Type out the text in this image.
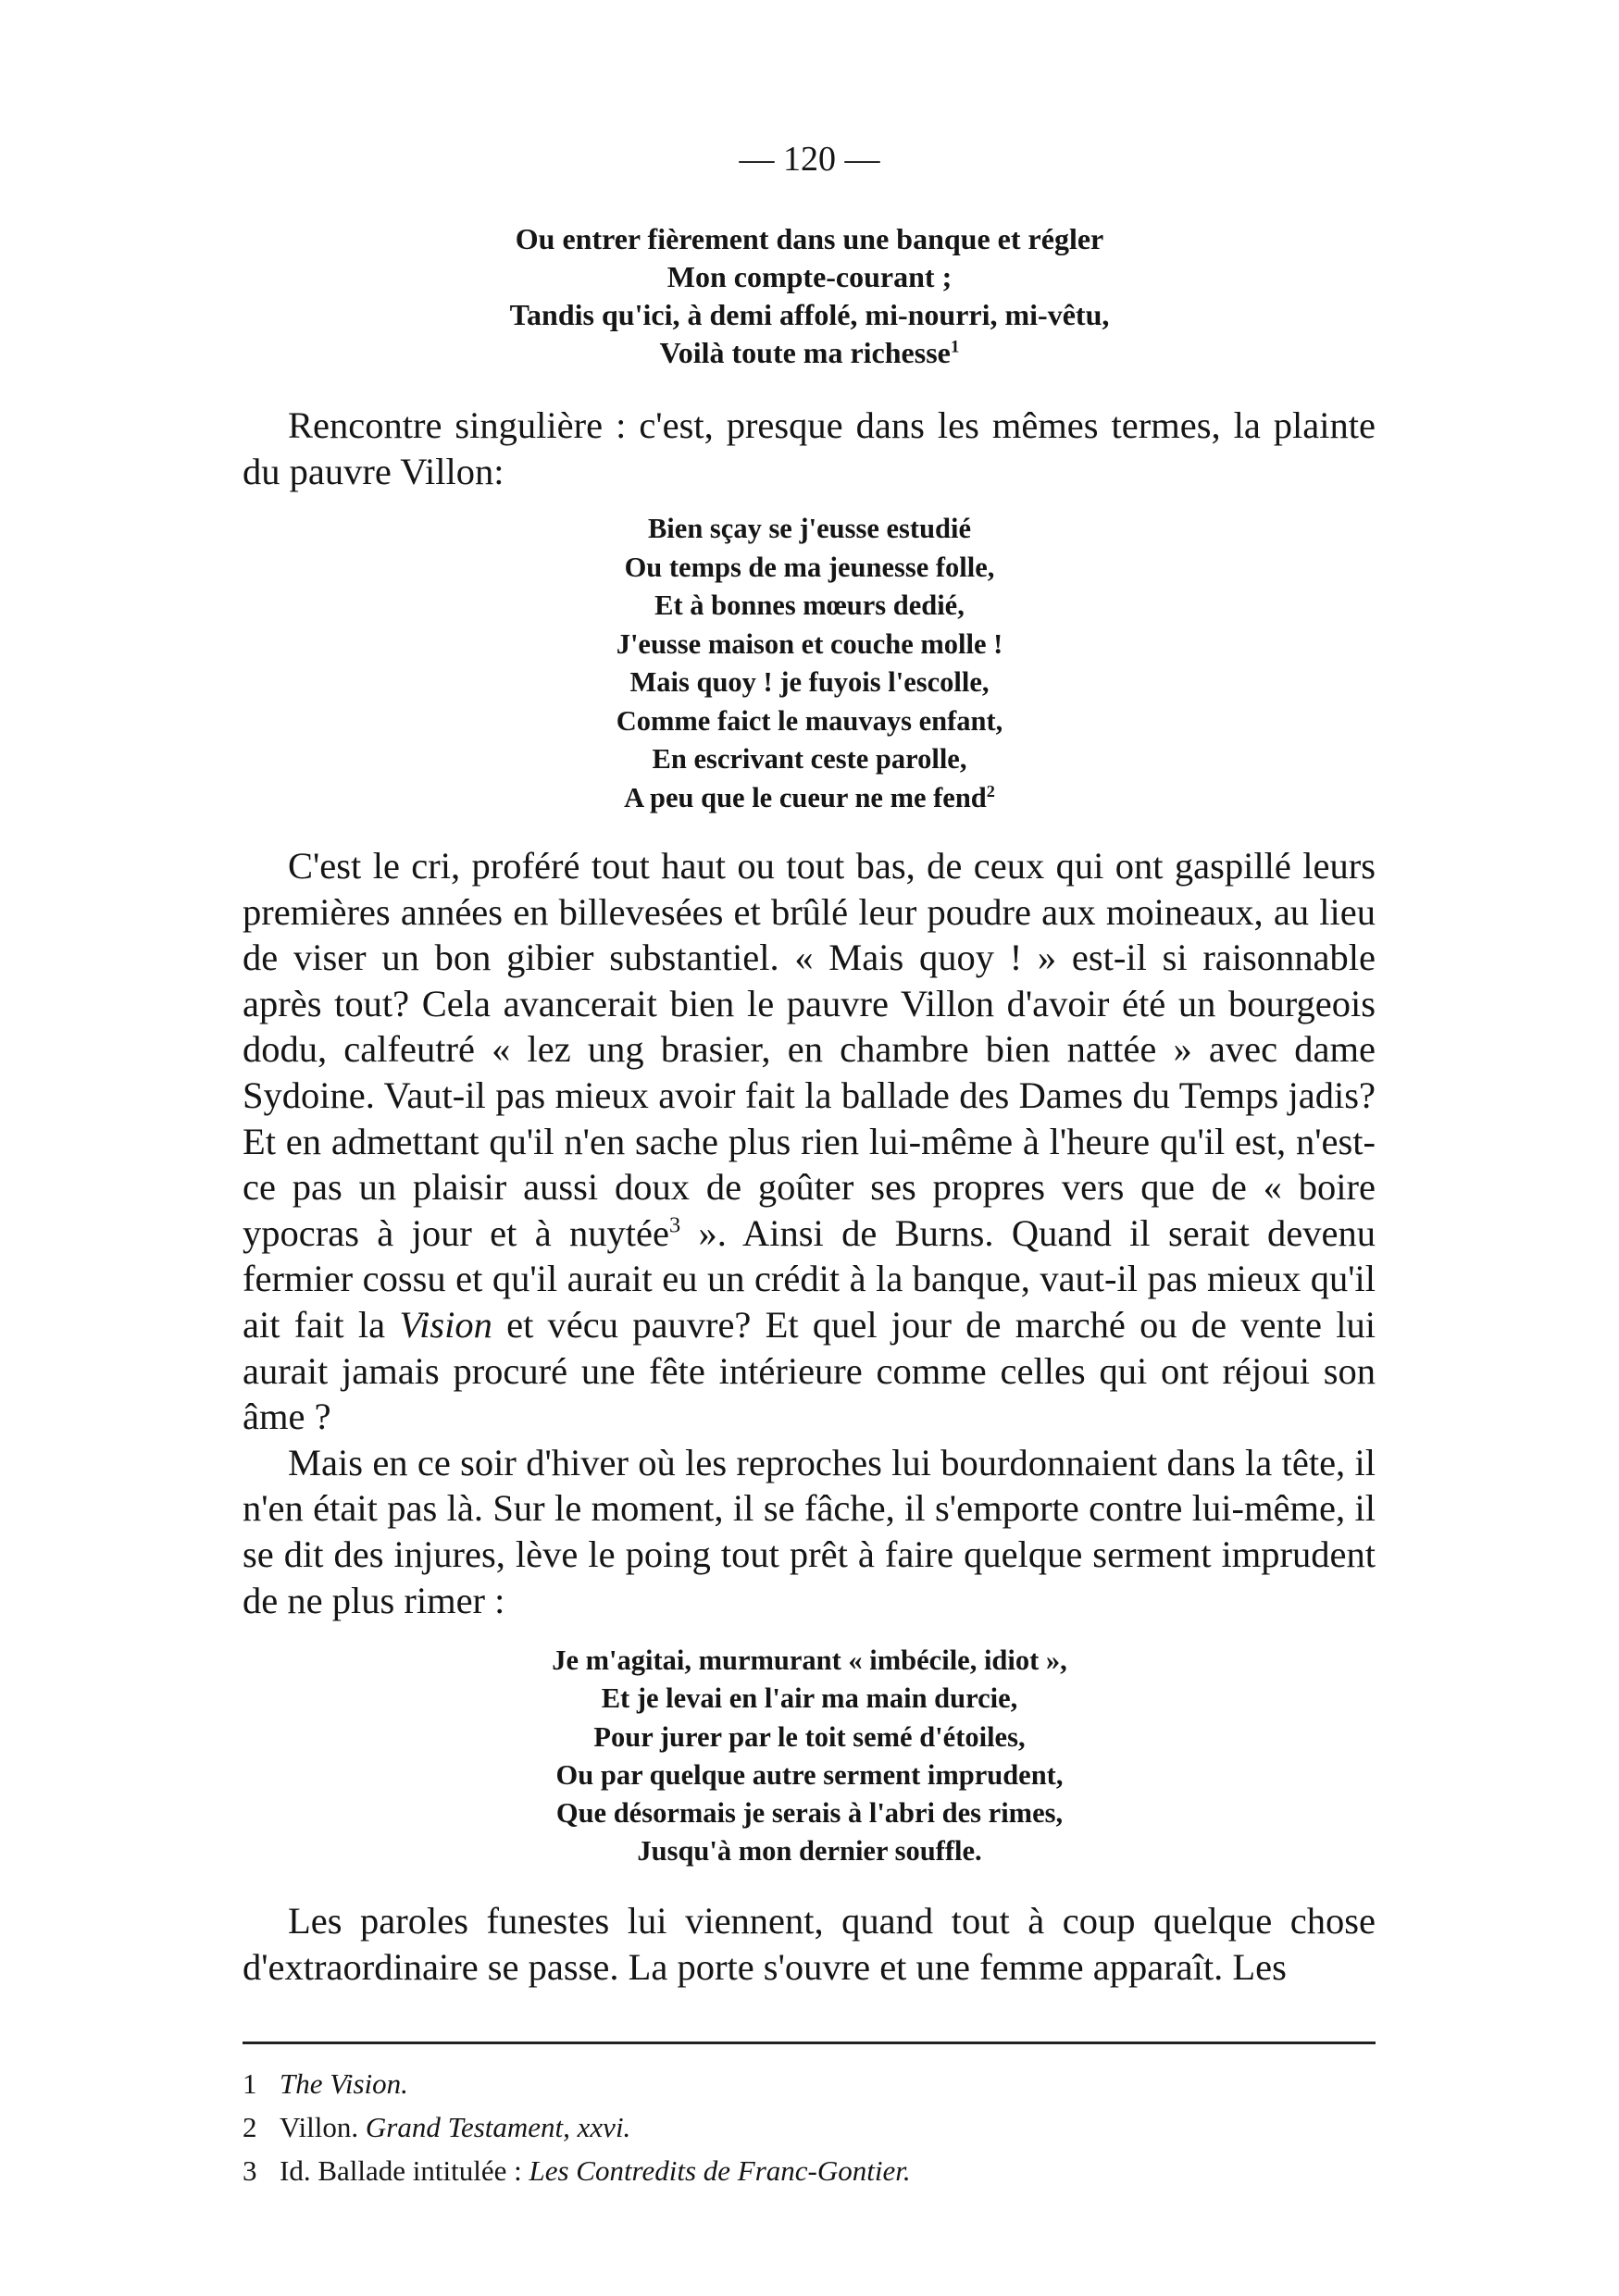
— 120 —
Ou entrer fièrement dans une banque et régler
Mon compte-courant ;
Tandis qu'ici, à demi affolé, mi-nourri, mi-vêtu,
Voilà toute ma richesse$^1$

Rencontre singulière : c'est, presque dans les mêmes termes, la plainte du pauvre Villon:

Bien sçay se j'eusse estudié
Ou temps de ma jeunesse folle,
Et à bonnes mœurs dedié,
J'eusse maison et couche molle !
Mais quoy ! je fuyois l'escolle,
Comme faict le mauvays enfant,
En escrivant ceste parolle,
A peu que le cueur ne me fend$^2$

C'est le cri, proféré tout haut ou tout bas, de ceux qui ont gaspillé leurs premières années en billevesées et brûlé leur poudre aux moineaux, au lieu de viser un bon gibier substantiel. « Mais quoy ! » est-il si raisonnable après tout? Cela avancerait bien le pauvre Villon d'avoir été un bourgeois dodu, calfeutré « lez ung brasier, en chambre bien nattée » avec dame Sydoine. Vaut-il pas mieux avoir fait la ballade des Dames du Temps jadis? Et en admettant qu'il n'en sache plus rien lui-même à l'heure qu'il est, n'est-ce pas un plaisir aussi doux de goûter ses propres vers que de « boire ypocras à jour et à nuytée$^3$ ». Ainsi de Burns. Quand il serait devenu fermier cossu et qu'il aurait eu un crédit à la banque, vaut-il pas mieux qu'il ait fait la Vision et vécu pauvre? Et quel jour de marché ou de vente lui aurait jamais procuré une fête intérieure comme celles qui ont réjoui son âme ?

Mais en ce soir d'hiver où les reproches lui bourdonnaient dans la tête, il n'en était pas là. Sur le moment, il se fâche, il s'emporte contre lui-même, il se dit des injures, lève le poing tout prêt à faire quelque serment imprudent de ne plus rimer :

Je m'agitai, murmurant « imbécile, idiot »,
Et je levai en l'air ma main durcie,
Pour jurer par le toit semé d'étoiles,
Ou par quelque autre serment imprudent,
Que désormais je serais à l'abri des rimes,
Jusqu'à mon dernier souffle.

Les paroles funestes lui viennent, quand tout à coup quelque chose d'extraordinaire se passe. La porte s'ouvre et une femme apparaît. Les

1 The Vision.
2 Villon. Grand Testament, xxvi.
3 Id. Ballade intitulée : Les Contredits de Franc-Gontier.
